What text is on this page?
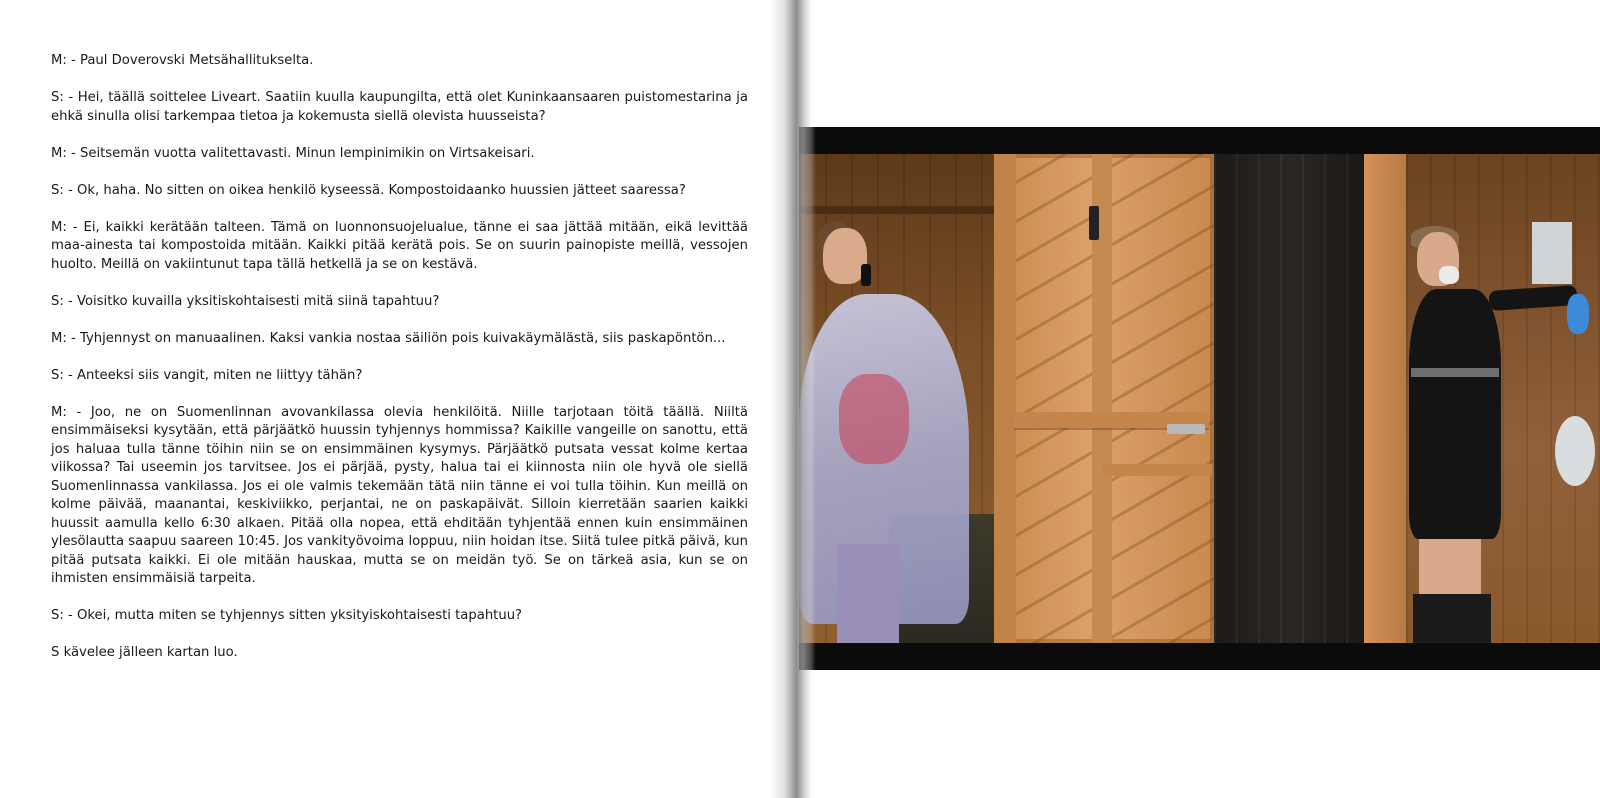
M: - Paul Doverovski Metsähallitukselta.

S: - Hei, täällä soittelee Liveart. Saatiin kuulla kaupungilta, että olet Kuninkaansaaren puistomestarina ja ehkä sinulla olisi tarkempaa tietoa ja kokemusta siellä olevista huusseista?

M: - Seitsemän vuotta valitettavasti. Minun lempinimikin on Virtsakeisari.

S: - Ok, haha. No sitten on oikea henkilö kyseessä. Kompostoidaanko huussien jätteet saaressa?

M: - Ei, kaikki kerätään talteen. Tämä on luonnonsuojelualue, tänne ei saa jättää mitään, eikä levittää maa-ainesta tai kompostoida mitään. Kaikki pitää kerätä pois. Se on suurin painopiste meillä, vessojen huolto. Meillä on vakiintunut tapa tällä hetkellä ja se on kestävä.

S: - Voisitko kuvailla yksitiskohtaisesti mitä siinä tapahtuu?

M: - Tyhjennyst on manuaalinen. Kaksi vankia nostaa säiliön pois kuivakäymälästä, siis paskapöntön...

S: - Anteeksi siis vangit, miten ne liittyy tähän?

M: - Joo, ne on Suomenlinnan avovankilassa olevia henkilöitä. Niille tarjotaan töitä täällä. Niiltä ensimmäiseksi kysytään, että pärjäätkö huussin tyhjennys hommissa? Kaikille vangeille on sanottu, että jos haluaa tulla tänne töihin niin se on ensimmäinen kysymys. Pärjäätkö putsata vessat kolme kertaa viikossa? Tai useemin jos tarvitsee. Jos ei pärjää, pysty, halua tai ei kiinnosta niin ole hyvä ole siellä Suomenlinnassa vankilassa. Jos ei ole valmis tekemään tätä niin tänne ei voi tulla töihin. Kun meillä on kolme päivää, maanantai, keskiviikko, perjantai, ne on paskapäivät. Silloin kierretään saarien kaikki huussit aamulla kello 6:30 alkaen. Pitää olla nopea, että ehditään tyhjentää ennen kuin ensimmäinen ylesölautta saapuu saareen 10:45. Jos vankityövoima loppuu, niin hoidan itse. Siitä tulee pitkä päivä, kun pitää putsata kaikki. Ei ole mitään hauskaa, mutta se on meidän työ. Se on tärkeä asia, kun se on ihmisten ensimmäisiä tarpeita.

S: - Okei, mutta miten se tyhjennys sitten yksityiskohtaisesti tapahtuu?

S kävelee jälleen kartan luo.
